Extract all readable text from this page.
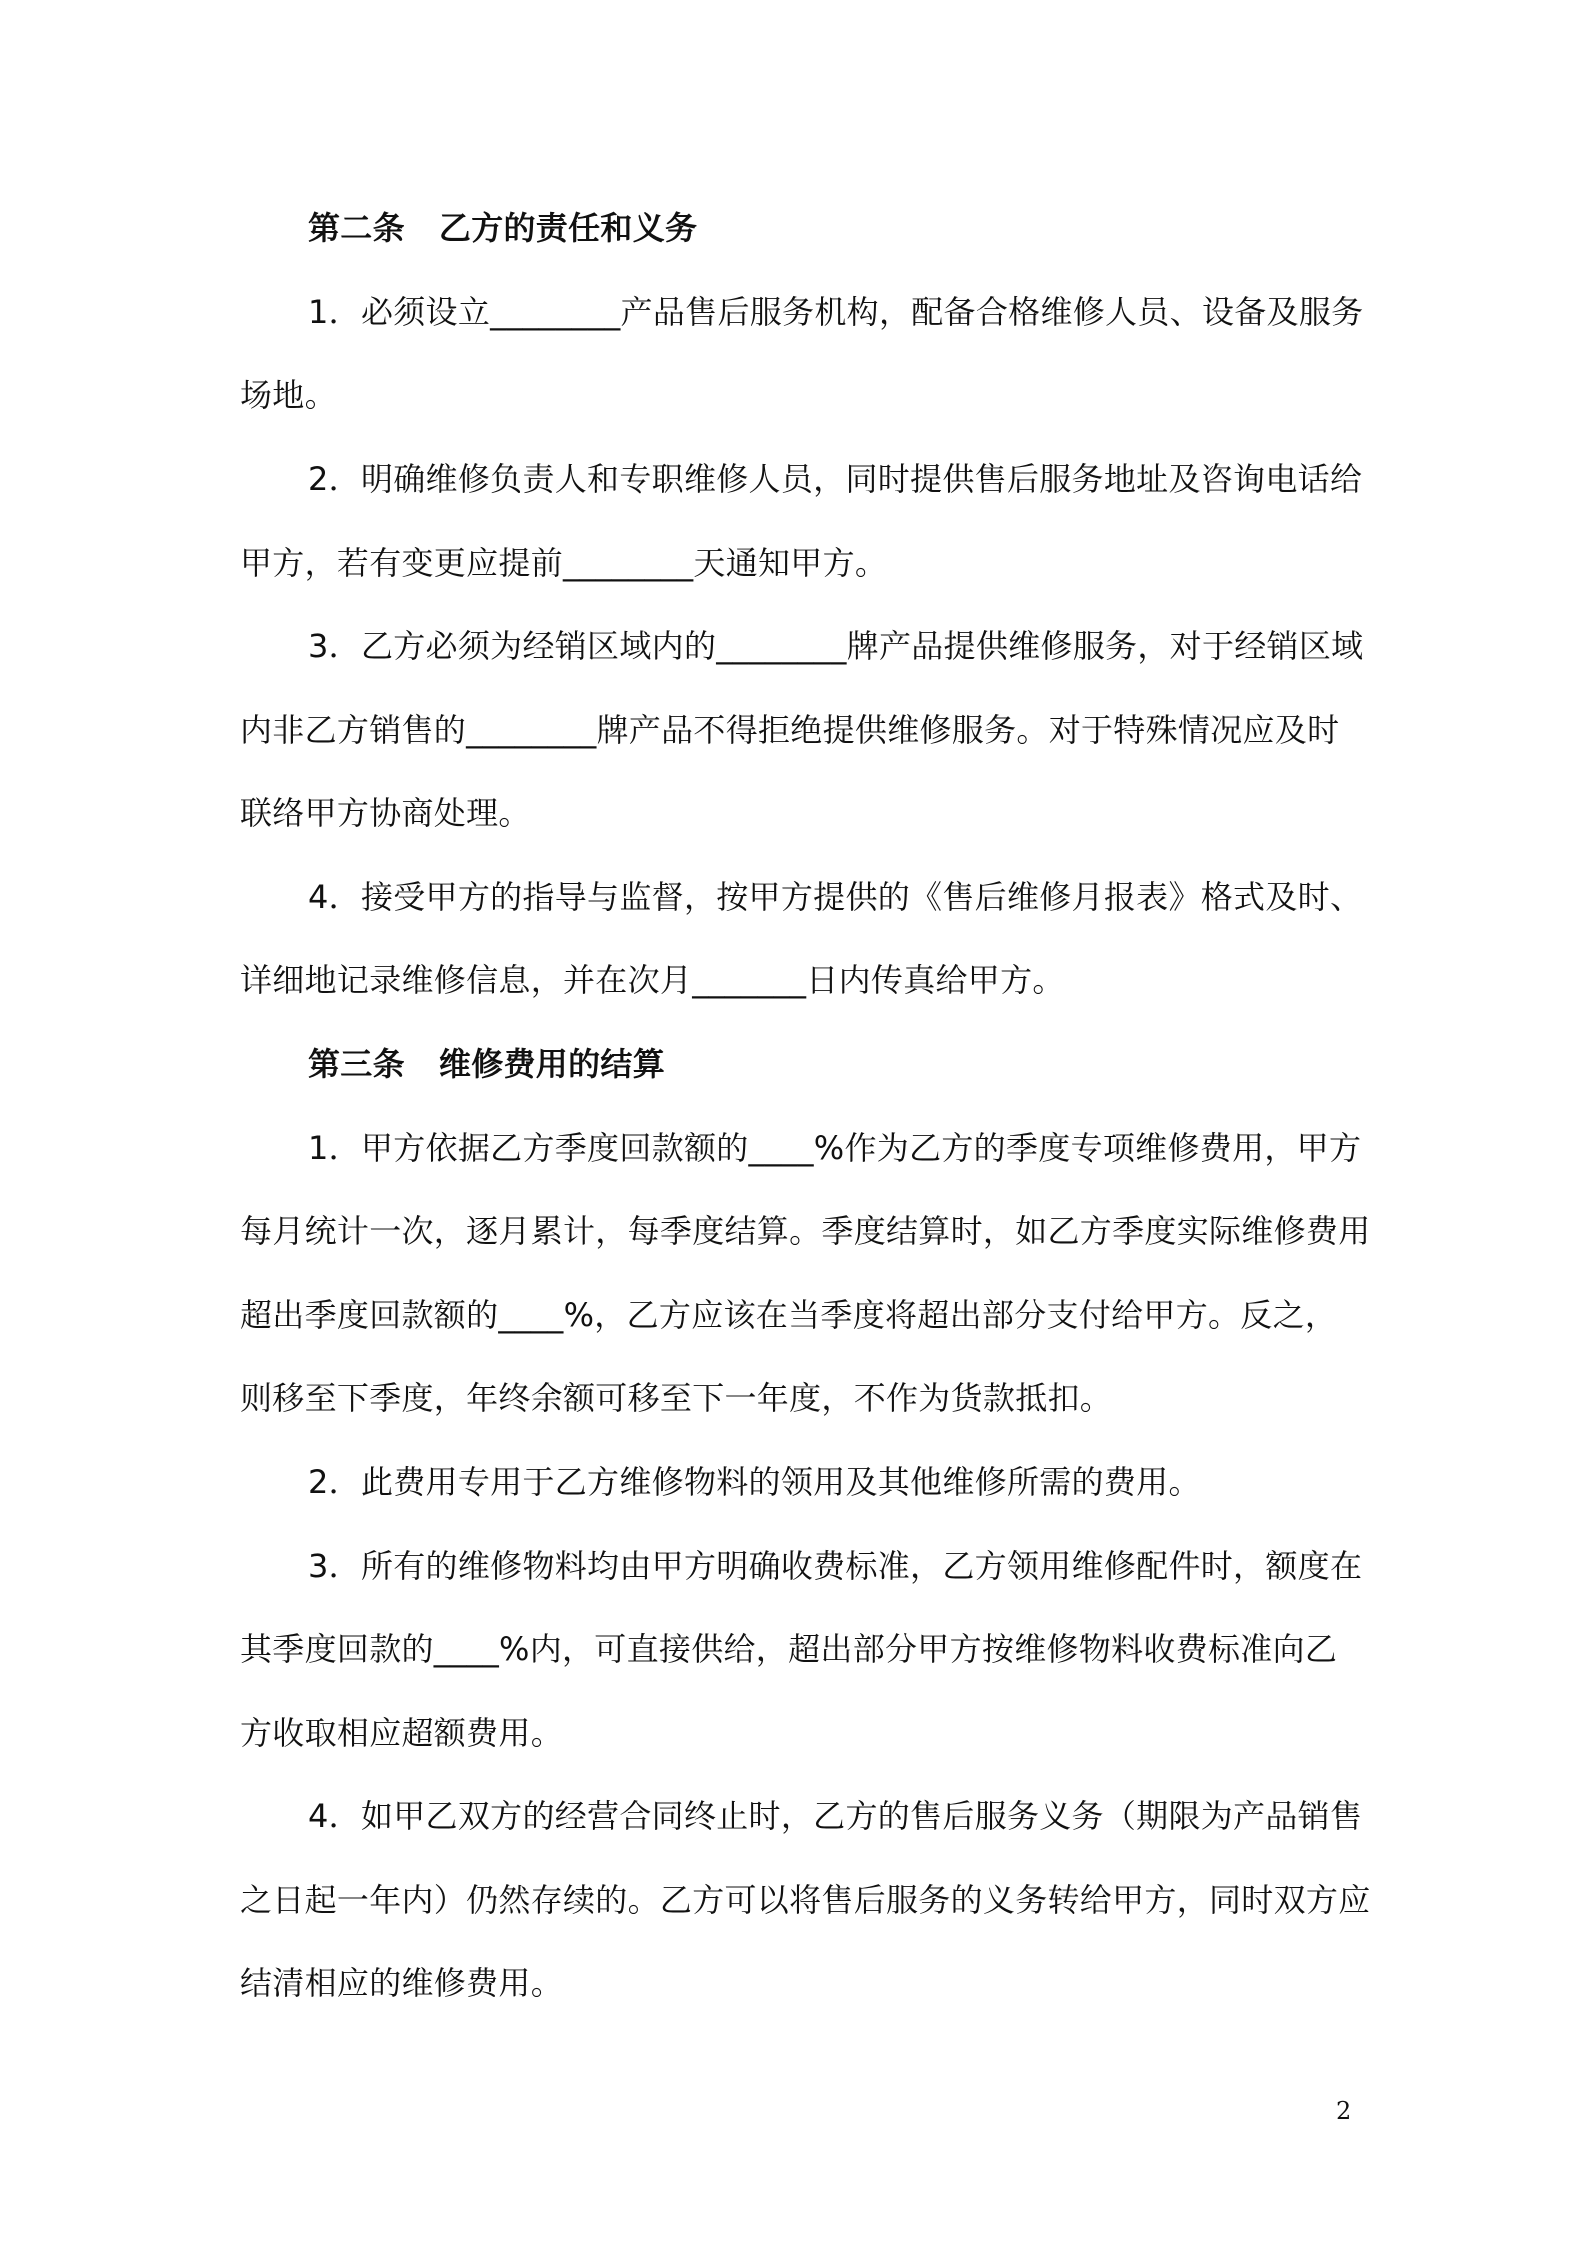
第二条 乙方的责任和义务
1．必须设立________产品售后服务机构，配备合格维修人员、设备及服务
场地。
2．明确维修负责人和专职维修人员，同时提供售后服务地址及咨询电话给
甲方，若有变更应提前________天通知甲方。
3．乙方必须为经销区域内的________牌产品提供维修服务，对于经销区域
内非乙方销售的________牌产品不得拒绝提供维修服务。对于特殊情况应及时
联络甲方协商处理。
4．接受甲方的指导与监督，按甲方提供的《售后维修月报表》格式及时、
详细地记录维修信息，并在次月_______日内传真给甲方。
第三条 维修费用的结算
1．甲方依据乙方季度回款额的____%作为乙方的季度专项维修费用，甲方
每月统计一次，逐月累计，每季度结算。季度结算时，如乙方季度实际维修费用
超出季度回款额的____%，乙方应该在当季度将超出部分支付给甲方。反之，
则移至下季度，年终余额可移至下一年度，不作为货款抵扣。
2．此费用专用于乙方维修物料的领用及其他维修所需的费用。
3．所有的维修物料均由甲方明确收费标准，乙方领用维修配件时，额度在
其季度回款的____%内，可直接供给，超出部分甲方按维修物料收费标准向乙
方收取相应超额费用。
4．如甲乙双方的经营合同终止时，乙方的售后服务义务（期限为产品销售
之日起一年内）仍然存续的。乙方可以将售后服务的义务转给甲方，同时双方应
结清相应的维修费用。
2
